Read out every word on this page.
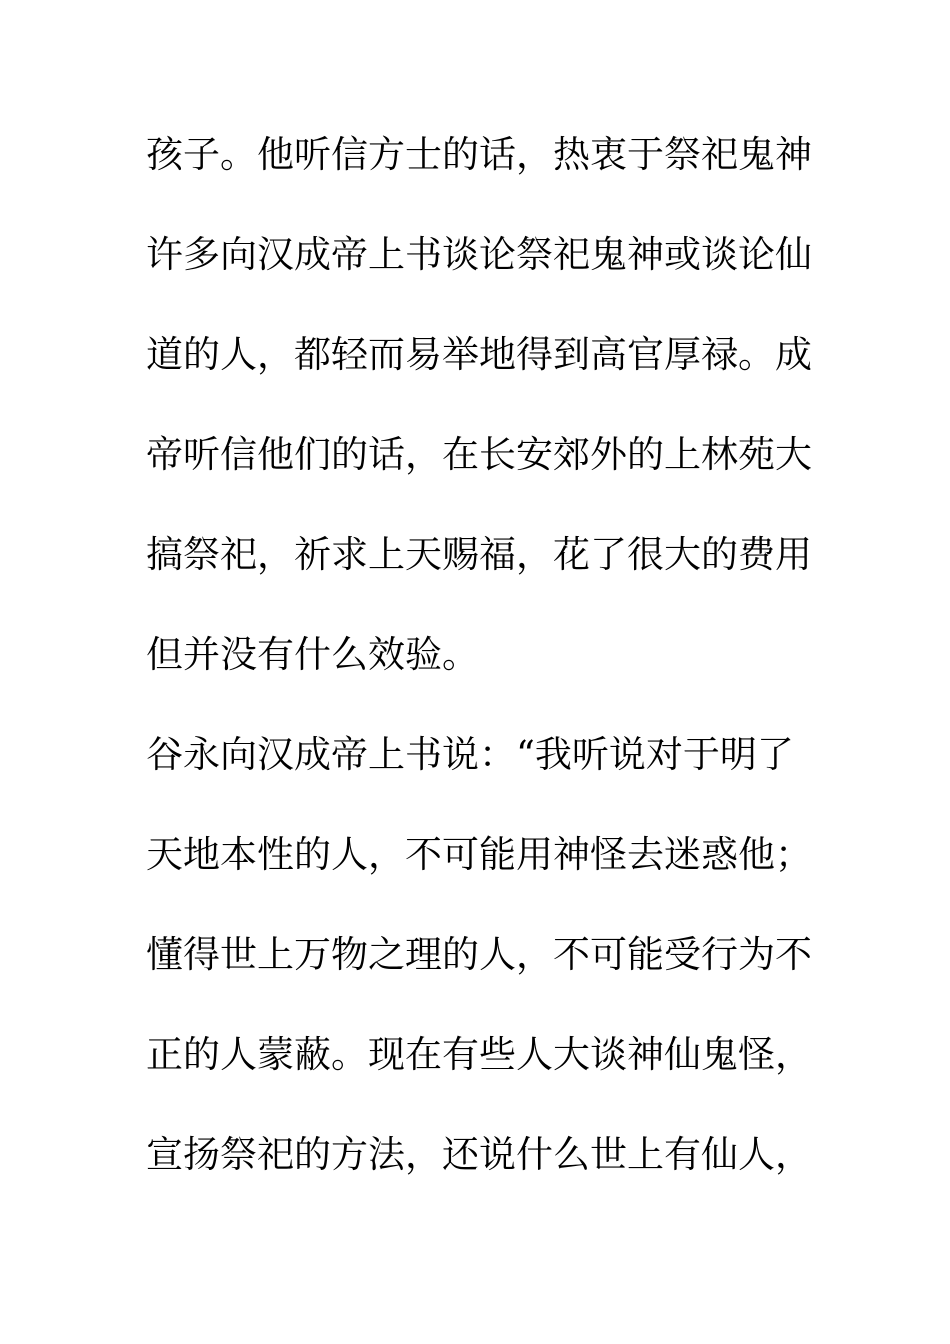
孩子。他听信方士的话，热衷于祭祀鬼神
许多向汉成帝上书谈论祭祀鬼神或谈论仙
道的人，都轻而易举地得到高官厚禄。成
帝听信他们的话，在长安郊外的上林苑大
搞祭祀，祈求上天赐福，花了很大的费用
但并没有什么效验。
谷永向汉成帝上书说：“我听说对于明了
天地本性的人，不可能用神怪去迷惑他；
懂得世上万物之理的人，不可能受行为不
正的人蒙蔽。现在有些人大谈神仙鬼怪，
宣扬祭祀的方法，还说什么世上有仙人，
